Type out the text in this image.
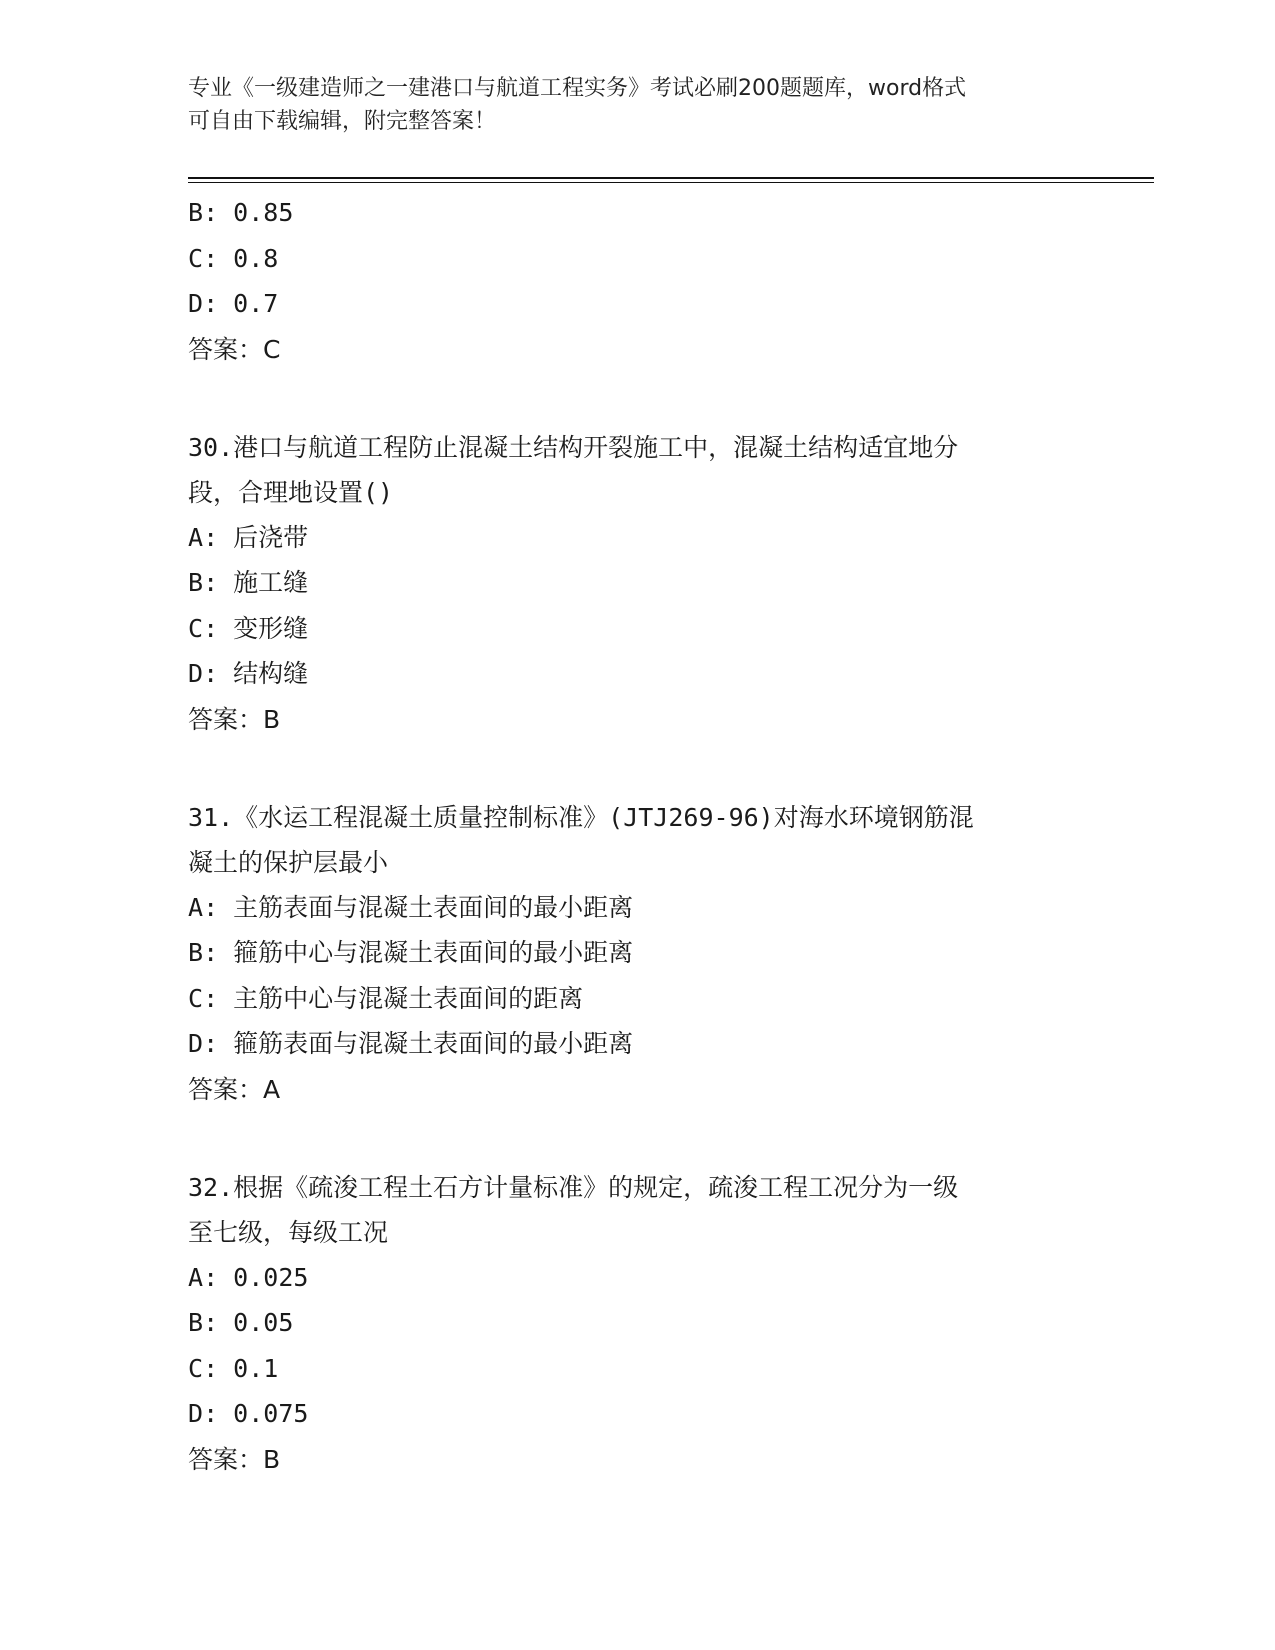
专业《一级建造师之一建港口与航道工程实务》考试必刷200题题库，word格式
可自由下载编辑，附完整答案！
B: 0.85
C: 0.8
D: 0.7
答案：C
30.港口与航道工程防止混凝土结构开裂施工中，混凝土结构适宜地分
段，合理地设置()
A: 后浇带
B: 施工缝
C: 变形缝
D: 结构缝
答案：B
31.《水运工程混凝土质量控制标准》(JTJ269-96)对海水环境钢筋混
凝土的保护层最小
A: 主筋表面与混凝土表面间的最小距离
B: 箍筋中心与混凝土表面间的最小距离
C: 主筋中心与混凝土表面间的距离
D: 箍筋表面与混凝土表面间的最小距离
答案：A
32.根据《疏浚工程土石方计量标准》的规定，疏浚工程工况分为一级
至七级，每级工况
A: 0.025
B: 0.05
C: 0.1
D: 0.075
答案：B
